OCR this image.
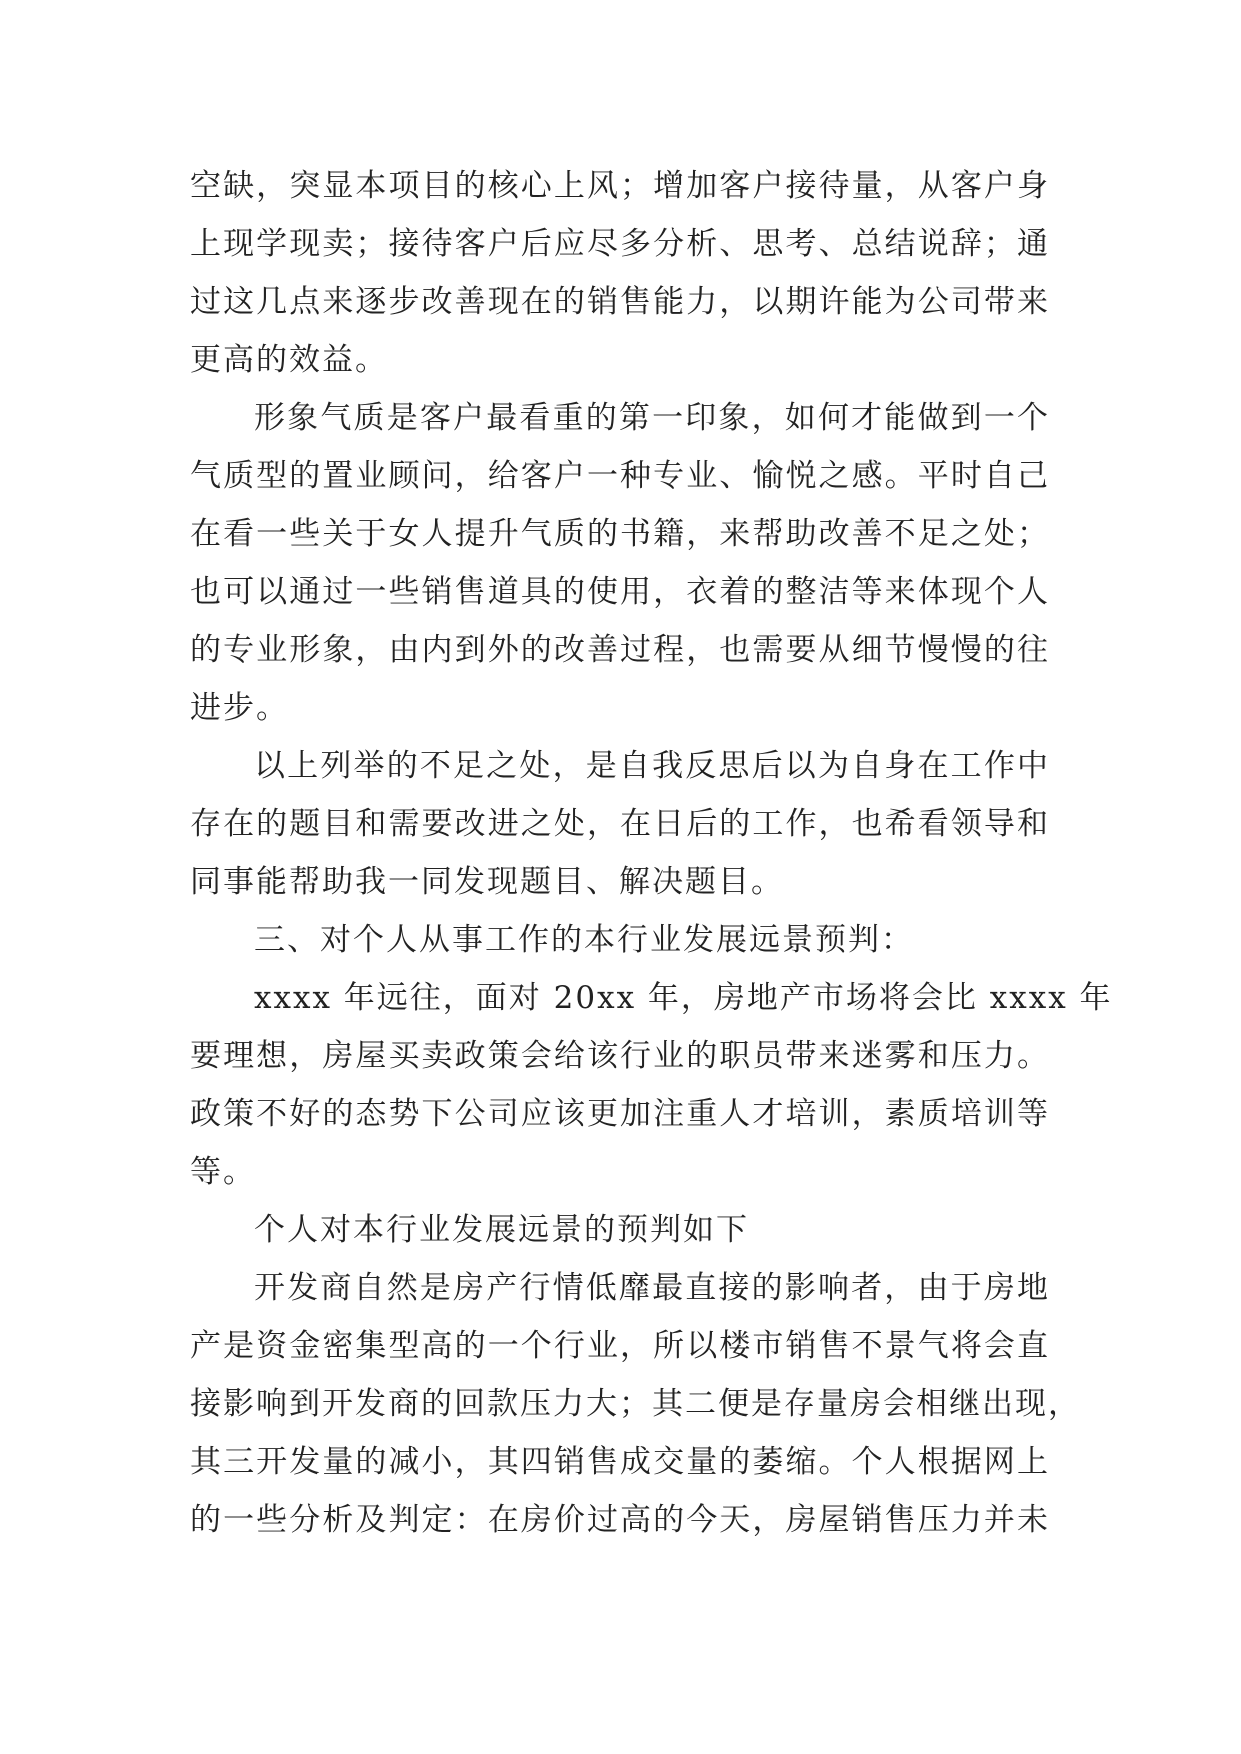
空缺，突显本项目的核心上风；增加客户接待量，从客户身
上现学现卖；接待客户后应尽多分析、思考、总结说辞；通
过这几点来逐步改善现在的销售能力，以期许能为公司带来
更高的效益。
形象气质是客户最看重的第一印象，如何才能做到一个
气质型的置业顾问，给客户一种专业、愉悦之感。平时自己
在看一些关于女人提升气质的书籍，来帮助改善不足之处；
也可以通过一些销售道具的使用，衣着的整洁等来体现个人
的专业形象，由内到外的改善过程，也需要从细节慢慢的往
进步。
以上列举的不足之处，是自我反思后以为自身在工作中
存在的题目和需要改进之处，在日后的工作，也希看领导和
同事能帮助我一同发现题目、解决题目。
三、对个人从事工作的本行业发展远景预判：
xxxx 年远往，面对 20xx 年，房地产市场将会比 xxxx 年
要理想，房屋买卖政策会给该行业的职员带来迷雾和压力。
政策不好的态势下公司应该更加注重人才培训，素质培训等
等。
个人对本行业发展远景的预判如下
开发商自然是房产行情低靡最直接的影响者，由于房地
产是资金密集型高的一个行业，所以楼市销售不景气将会直
接影响到开发商的回款压力大；其二便是存量房会相继出现，
其三开发量的减小，其四销售成交量的萎缩。个人根据网上
的一些分析及判定：在房价过高的今天，房屋销售压力并未
